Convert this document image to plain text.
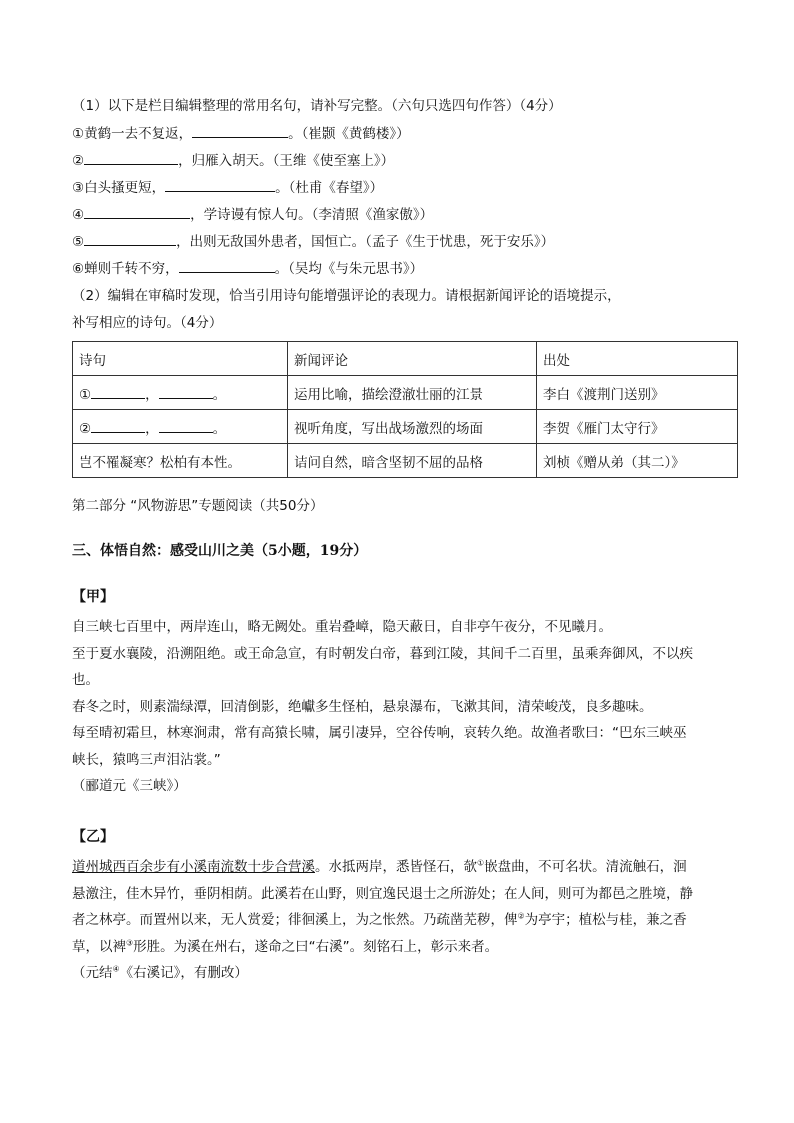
（1）以下是栏目编辑整理的常用名句，请补写完整。（六句只选四句作答）（4分）
①黄鹤一去不复返，	。（崔颢《黄鹤楼》）
②	，归雁入胡天。（王维《使至塞上》）
③白头搔更短，	。（杜甫《春望》）
④	，学诗谩有惊人句。（李清照《渔家傲》）
⑤	，出则无敌国外患者，国恒亡。（孟子《生于忧患，死于安乐》）
⑥蝉则千转不穷，	。（吴均《与朱元思书》）
（2）编辑在审稿时发现，恰当引用诗句能增强评论的表现力。请根据新闻评论的语境提示，
补写相应的诗句。（4分）
诗句	新闻评论	出处
① ， 。	运用比喻，描绘澄澈壮丽的江景	李白《渡荆门送别》
② ， 。	视听角度，写出战场激烈的场面	李贺《雁门太守行》
岂不罹凝寒？松柏有本性。	诘问自然，暗含坚韧不屈的品格	刘桢《赠从弟（其二）》
第二部分 “风物游思”专题阅读（共50分）
三、体悟自然：感受山川之美（5小题，19分）
【甲】

自三峡七百里中，两岸连山，略无阙处。重岩叠嶂，隐天蔽日，自非亭午夜分，不见曦月。

至于夏水襄陵，沿溯阻绝。或王命急宣，有时朝发白帝，暮到江陵，其间千二百里，虽乘奔御风，不以疾

也。

春冬之时，则素湍绿潭，回清倒影，绝巘多生怪柏，悬泉瀑布，飞漱其间，清荣峻茂，良多趣味。

每至晴初霜旦，林寒涧肃，常有高猿长啸，属引凄异，空谷传响，哀转久绝。故渔者歌曰：“巴东三峡巫

峡长，猿鸣三声泪沾裳。”

（郦道元《三峡》）

【乙】

道州城西百余步有小溪南流数十步合营溪。水抵两岸，悉皆怪石，欹①嵌盘曲，不可名状。清流触石，洄

悬激注，佳木异竹，垂阴相荫。此溪若在山野，则宜逸民退士之所游处；在人间，则可为都邑之胜境，静

者之林亭。而置州以来，无人赏爱；徘徊溪上，为之怅然。乃疏凿芜秽，俾②为亭宇；植松与桂，兼之香

草，以裨③形胜。为溪在州右，遂命之曰“右溪”。刻铭石上，彰示来者。

（元结④《右溪记》，有删改）
